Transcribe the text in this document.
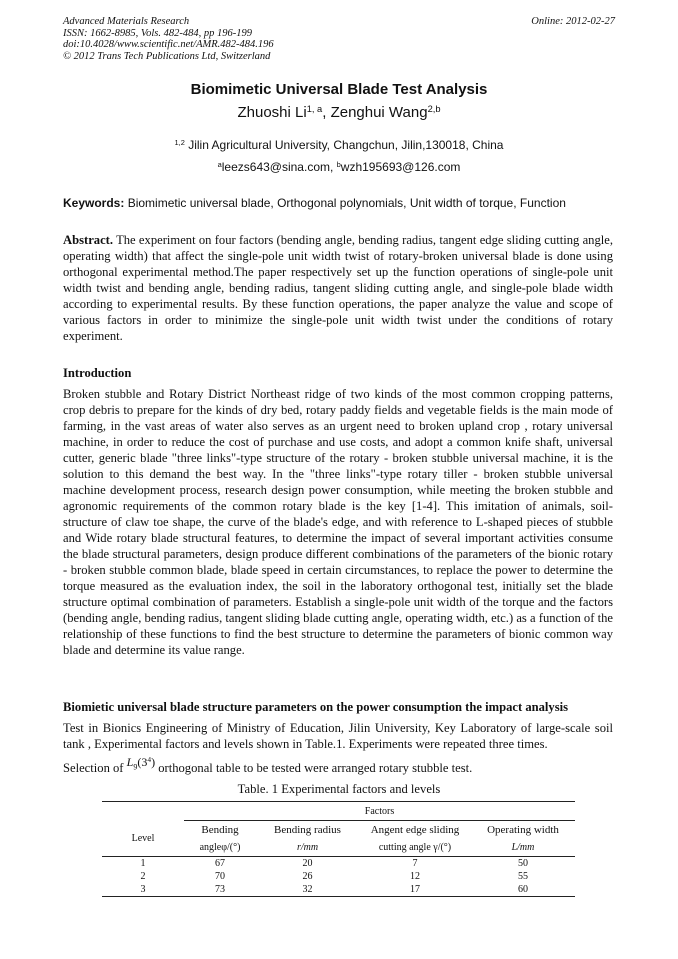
Advanced Materials Research
ISSN: 1662-8985, Vols. 482-484, pp 196-199
doi:10.4028/www.scientific.net/AMR.482-484.196
© 2012 Trans Tech Publications Ltd, Switzerland
Online: 2012-02-27
Biomimetic Universal Blade Test Analysis
Zhuoshi Li$^{1, a}$, Zenghui Wang$^{2,b}$
$^{1,2}$ Jilin Agricultural University, Changchun, Jilin,130018, China
$^a$leezs643@sina.com, $^b$wzh195693@126.com
Keywords: Biomimetic universal blade, Orthogonal polynomials, Unit width of torque, Function
Abstract. The experiment on four factors (bending angle, bending radius, tangent edge sliding cutting angle, operating width) that affect the single-pole unit width twist of rotary-broken universal blade is done using orthogonal experimental method.The paper respectively set up the function operations of single-pole unit width twist and bending angle, bending radius, tangent sliding cutting angle, and single-pole blade width according to experimental results. By these function operations, the paper analyze the value and scope of various factors in order to minimize the single-pole unit width twist under the conditions of rotary experiment.
Introduction
Broken stubble and Rotary District Northeast ridge of two kinds of the most common cropping patterns, crop debris to prepare for the kinds of dry bed, rotary paddy fields and vegetable fields is the main mode of farming, in the vast areas of water also serves as an urgent need to broken upland crop , rotary universal machine, in order to reduce the cost of purchase and use costs, and adopt a common knife shaft, universal cutter, generic blade "three links"-type structure of the rotary - broken stubble universal machine, it is the solution to this demand the best way. In the "three links"-type rotary tiller - broken stubble universal machine development process, research design power consumption, while meeting the broken stubble and agronomic requirements of the common rotary blade is the key [1-4]. This imitation of animals, soil-structure of claw toe shape, the curve of the blade's edge, and with reference to L-shaped pieces of stubble and Wide rotary blade structural features, to determine the impact of several important activities consume the blade structural parameters, design produce different combinations of the parameters of the bionic rotary - broken stubble common blade, blade speed in certain circumstances, to replace the power to determine the torque measured as the evaluation index, the soil in the laboratory orthogonal test, initially set the blade structure optimal combination of parameters. Establish a single-pole unit width of the torque and the factors (bending angle, bending radius, tangent sliding blade cutting angle, operating width, etc.) as a function of the relationship of these functions to find the best structure to determine the parameters of bionic common way blade and determine its value range.
Biomietic universal blade structure parameters on the power consumption the impact analysis
Test in Bionics Engineering of Ministry of Education, Jilin University, Key Laboratory of large-scale soil tank , Experimental factors and levels shown in Table.1. Experiments were repeated three times.
Selection of $L_9(3^4)$ orthogonal table to be tested were arranged rotary stubble test.
Table. 1 Experimental factors and levels
	Factors			
Level	Bending	Bending radius	Angent edge sliding	Operating width
	angleφ/(°)	r/mm	cutting angle γ/(°)	L/mm
1	67	20	7	50
2	70	26	12	55
3	73	32	17	60
